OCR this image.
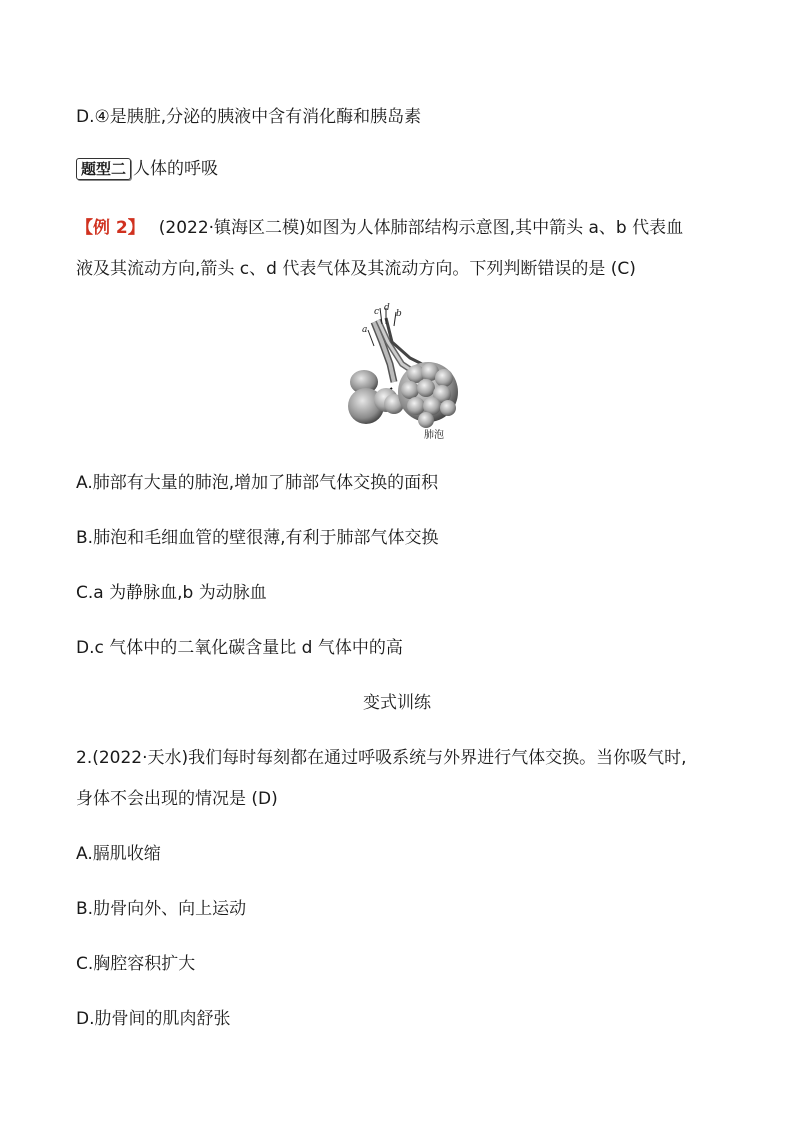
D.④是胰脏,分泌的胰液中含有消化酶和胰岛素
题型二 人体的呼吸
【例 2】 (2022·镇海区二模)如图为人体肺部结构示意图,其中箭头 a、b 代表血
液及其流动方向,箭头 c、d 代表气体及其流动方向。下列判断错误的是 (C)
a
c d
b
肺泡
A.肺部有大量的肺泡,增加了肺部气体交换的面积
B.肺泡和毛细血管的壁很薄,有利于肺部气体交换
C.a 为静脉血,b 为动脉血
D.c 气体中的二氧化碳含量比 d 气体中的高
变式训练
2.(2022·天水)我们每时每刻都在通过呼吸系统与外界进行气体交换。当你吸气时,
身体不会出现的情况是 (D)
A.膈肌收缩
B.肋骨向外、向上运动
C.胸腔容积扩大
D.肋骨间的肌肉舒张
